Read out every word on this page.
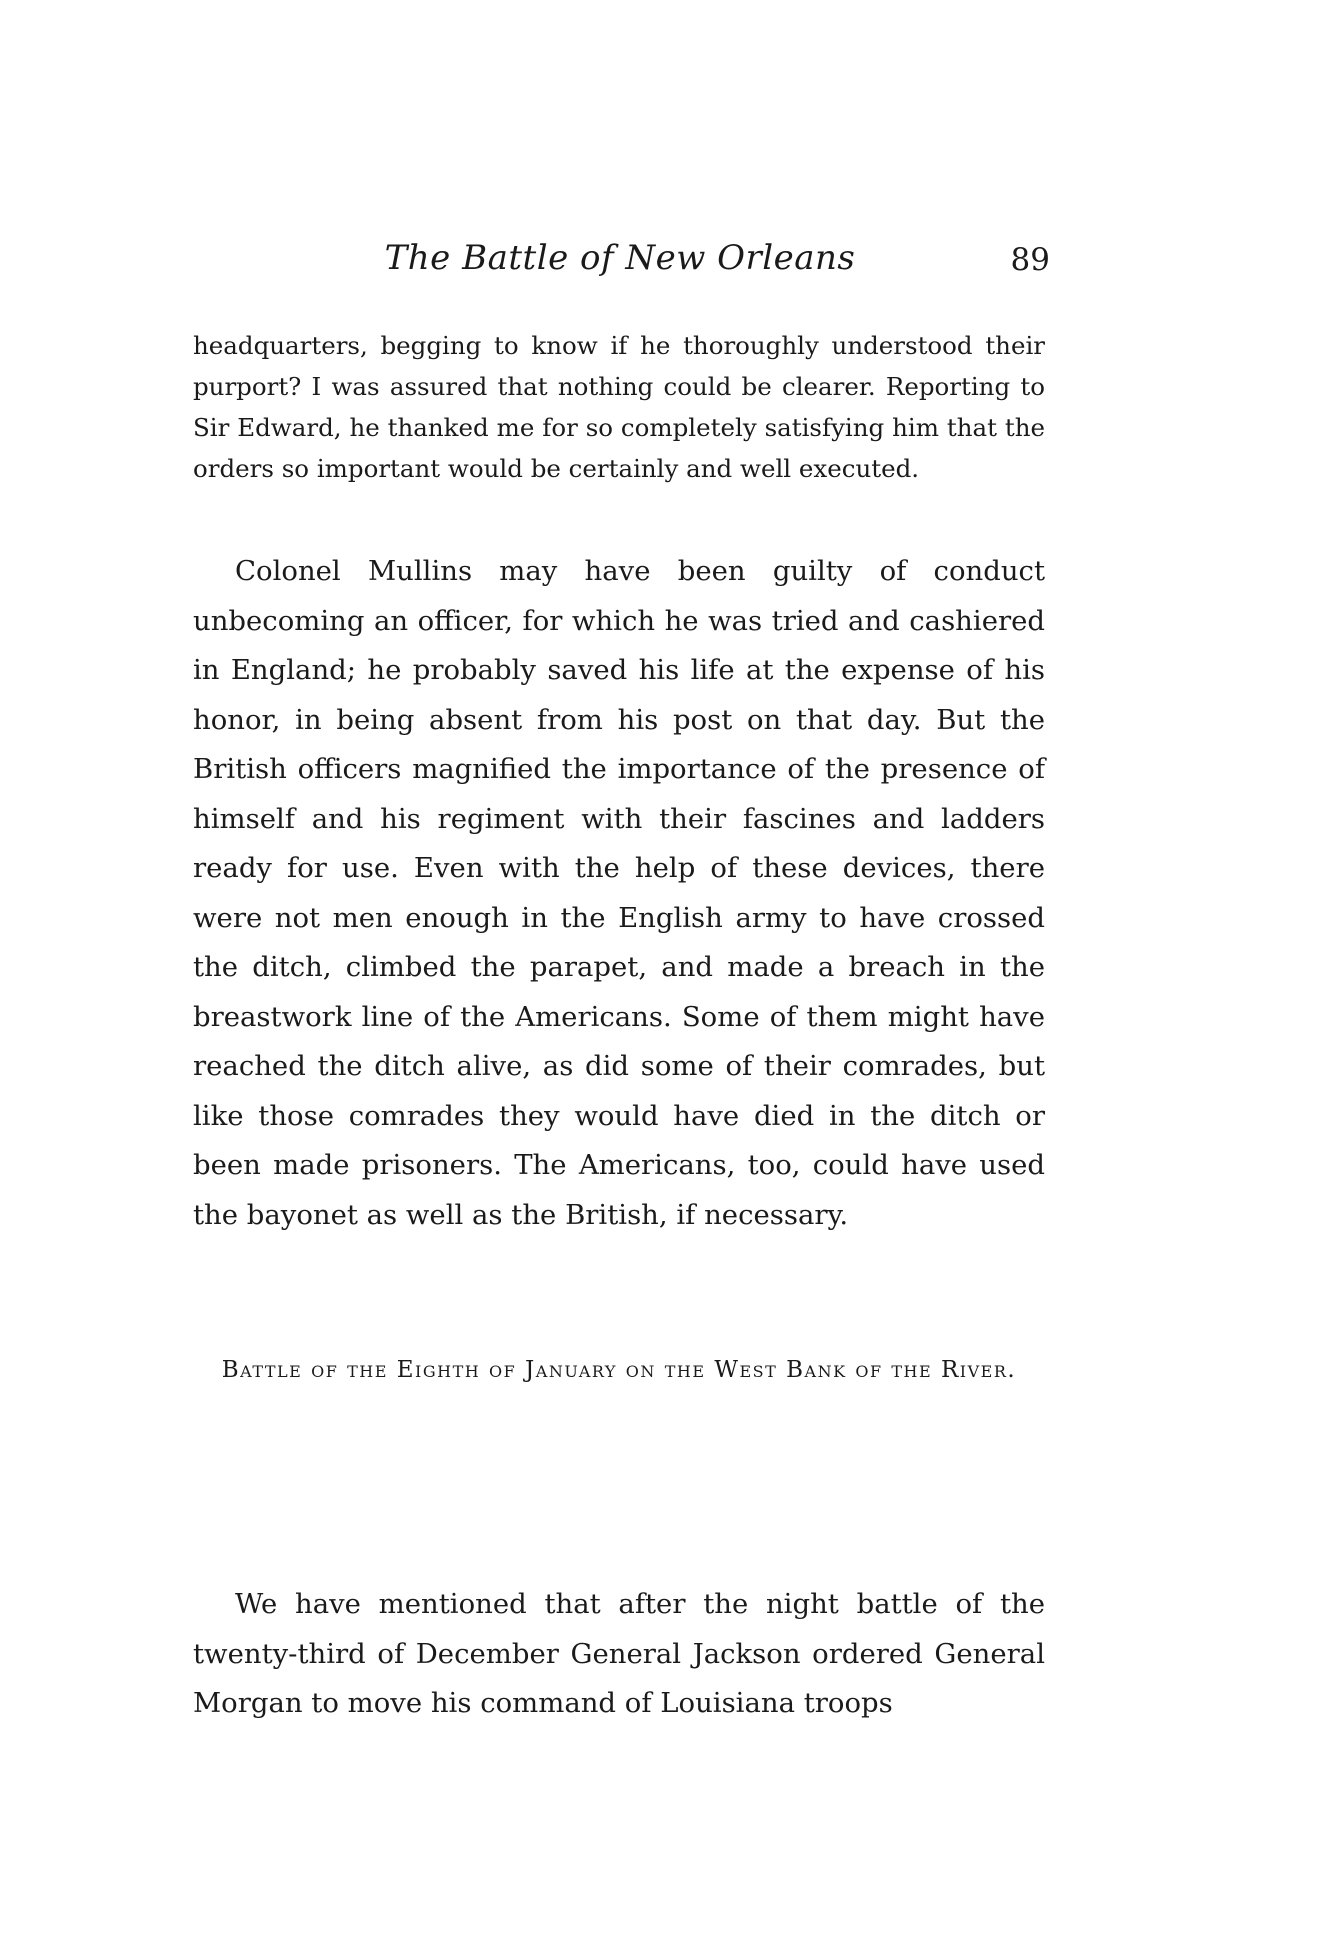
The Battle of New Orleans	89

headquarters, begging to know if he thoroughly understood their purport? I was assured that nothing could be clearer. Reporting to Sir Edward, he thanked me for so completely satisfying him that the orders so important would be certainly and well executed.

Colonel Mullins may have been guilty of conduct unbecoming an officer, for which he was tried and cashiered in England; he probably saved his life at the expense of his honor, in being absent from his post on that day. But the British officers magnified the importance of the presence of himself and his regiment with their fascines and ladders ready for use. Even with the help of these devices, there were not men enough in the English army to have crossed the ditch, climbed the parapet, and made a breach in the breastwork line of the Americans. Some of them might have reached the ditch alive, as did some of their comrades, but like those comrades they would have died in the ditch or been made prisoners. The Americans, too, could have used the bayonet as well as the British, if necessary.

Battle of the Eighth of January on the West Bank of the River.

We have mentioned that after the night battle of the twenty-third of December General Jackson ordered General Morgan to move his command of Louisiana troops
